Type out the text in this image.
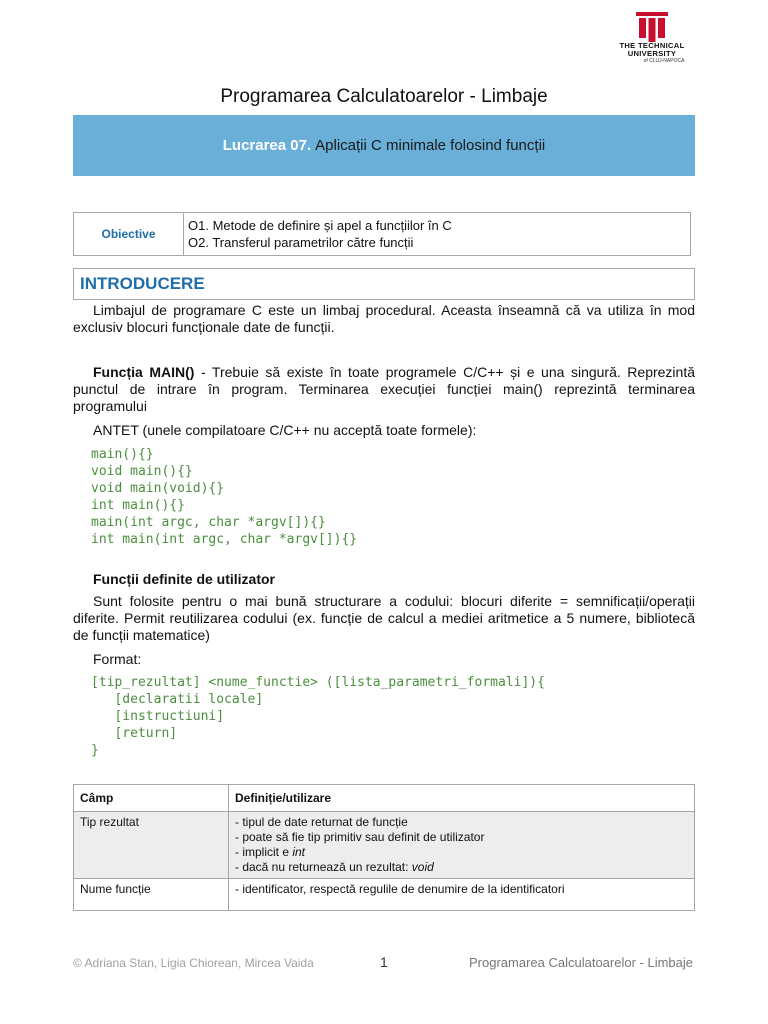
THE TECHNICAL
UNIVERSITY
of CLUJ-NAPOCA
Programarea Calculatoarelor - Limbaje
Lucrarea 07. Aplicații C minimale folosind funcții
Obiective	
O1. Metode de definire și apel a funcțiilor în C
O2. Transferul parametrilor către funcții
INTRODUCERE

Limbajul de programare C este un limbaj procedural. Aceasta înseamnă că va utiliza în mod exclusiv blocuri funcționale date de funcții.

Funcția MAIN() - Trebuie să existe în toate programele C/C++ și e una singură. Reprezintă punctul de intrare în program. Terminarea execuției funcției main() reprezintă terminarea programului

ANTET (unele compilatoare C/C++ nu acceptă toate formele):

main(){}
void main(){}
void main(void){}
int main(){}
main(int argc, char *argv[]){}
int main(int argc, char *argv[]){}

Funcții definite de utilizator

Sunt folosite pentru o mai bună structurare a codului: blocuri diferite = semnificații/operații diferite. Permit reutilizarea codului (ex. funcție de calcul a mediei aritmetice a 5 numere, bibliotecă de funcții matematice)

Format:

[tip_rezultat] <nume_functie> ([lista_parametri_formali]){
[declaratii locale]
[instructiuni]
[return]
}
Câmp	Definiție/utilizare
Tip rezultat	- tipul de date returnat de funcție
- poate să fie tip primitiv sau definit de utilizator
- implicit e int
- dacă nu returnează un rezultat: void

Nume funcție	- identificator, respectă regulile de denumire de la identificatori
© Adriana Stan, Ligia Chiorean, Mircea Vaida	1	Programarea Calculatoarelor - Limbaje
